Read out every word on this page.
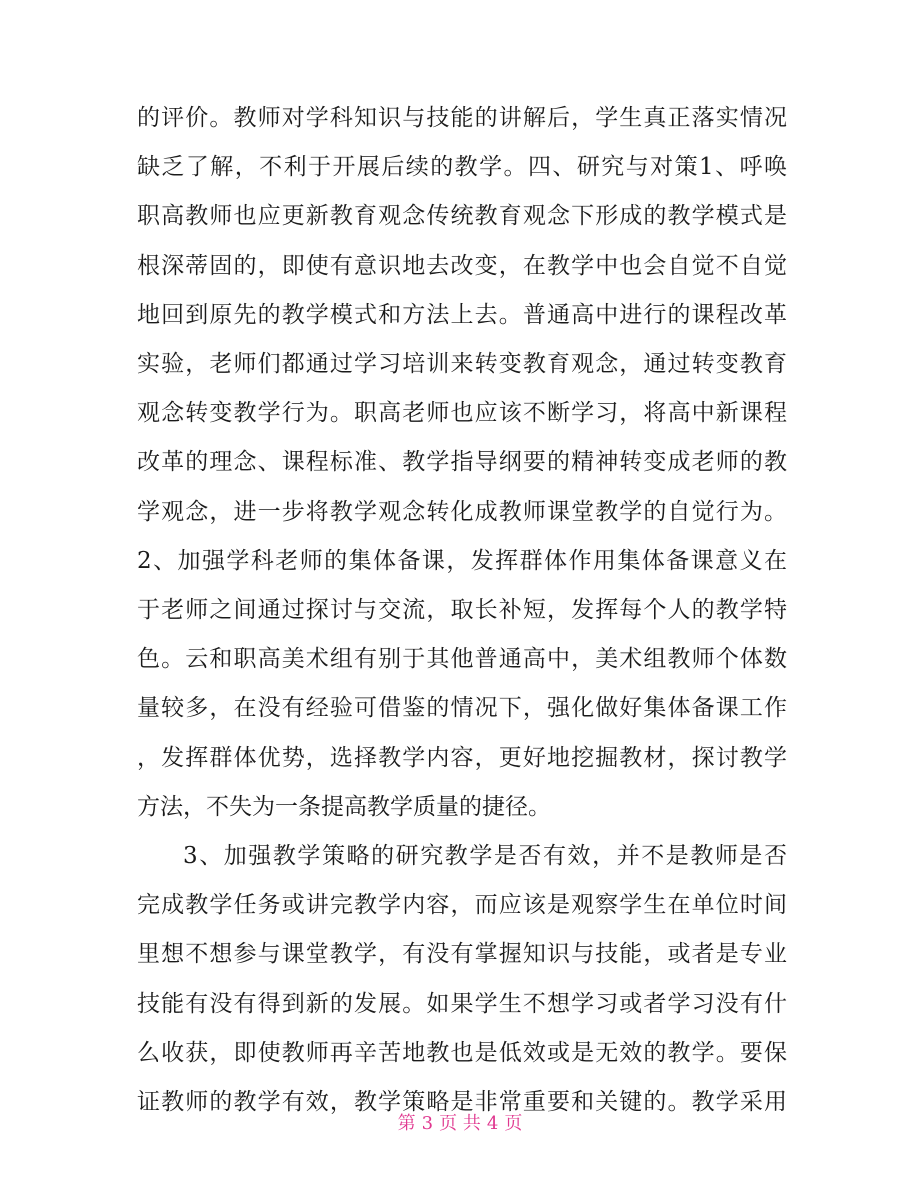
的评价。教师对学科知识与技能的讲解后，学生真正落实情况
缺乏了解，不利于开展后续的教学。四、研究与对策1、呼唤
职高教师也应更新教育观念传统教育观念下形成的教学模式是
根深蒂固的，即使有意识地去改变，在教学中也会自觉不自觉
地回到原先的教学模式和方法上去。普通高中进行的课程改革
实验，老师们都通过学习培训来转变教育观念，通过转变教育
观念转变教学行为。职高老师也应该不断学习，将高中新课程
改革的理念、课程标准、教学指导纲要的精神转变成老师的教
学观念，进一步将教学观念转化成教师课堂教学的自觉行为。
2、加强学科老师的集体备课，发挥群体作用集体备课意义在
于老师之间通过探讨与交流，取长补短，发挥每个人的教学特
色。云和职高美术组有别于其他普通高中，美术组教师个体数
量较多，在没有经验可借鉴的情况下，强化做好集体备课工作
，发挥群体优势，选择教学内容，更好地挖掘教材，探讨教学
方法，不失为一条提高教学质量的捷径。
3、加强教学策略的研究教学是否有效，并不是教师是否
完成教学任务或讲完教学内容，而应该是观察学生在单位时间
里想不想参与课堂教学，有没有掌握知识与技能，或者是专业
技能有没有得到新的发展。如果学生不想学习或者学习没有什
么收获，即使教师再辛苦地教也是低效或是无效的教学。要保
第 3 页 共 4 页
证教师的教学有效，教学策略是非常重要和关键的。教学采用
